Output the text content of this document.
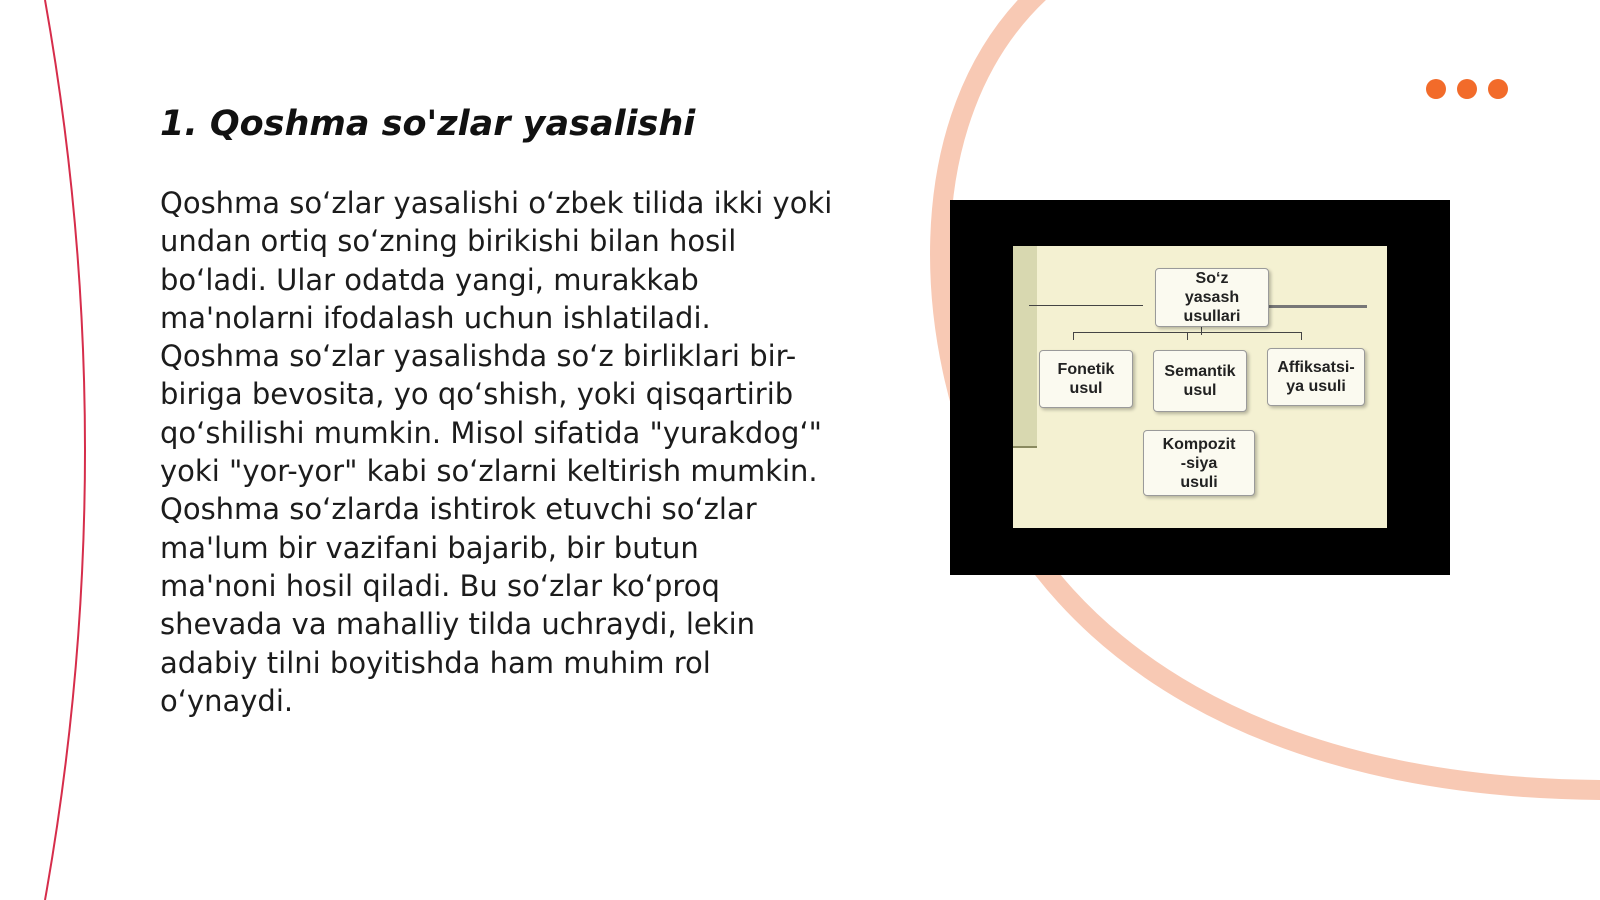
1. Qoshma so'zlar yasalishi
Qoshma so‘zlar yasalishi o‘zbek tilida ikki yoki
undan ortiq so‘zning birikishi bilan hosil
bo‘ladi. Ular odatda yangi, murakkab
ma'nolarni ifodalash uchun ishlatiladi.
Qoshma so‘zlar yasalishda so‘z birliklari bir-
biriga bevosita, yo qo‘shish, yoki qisqartirib
qo‘shilishi mumkin. Misol sifatida "yurakdog‘"
yoki "yor-yor" kabi so‘zlarni keltirish mumkin.
Qoshma so‘zlarda ishtirok etuvchi so‘zlar
ma'lum bir vazifani bajarib, bir butun
ma'noni hosil qiladi. Bu so‘zlar ko‘proq
shevada va mahalliy tilda uchraydi, lekin
adabiy tilni boyitishda ham muhim rol
o‘ynaydi.
So‘z
yasash
usullari
Fonetik
usul
Semantik
usul
Affiksatsi-
ya usuli
Kompozit
-siya
usuli
